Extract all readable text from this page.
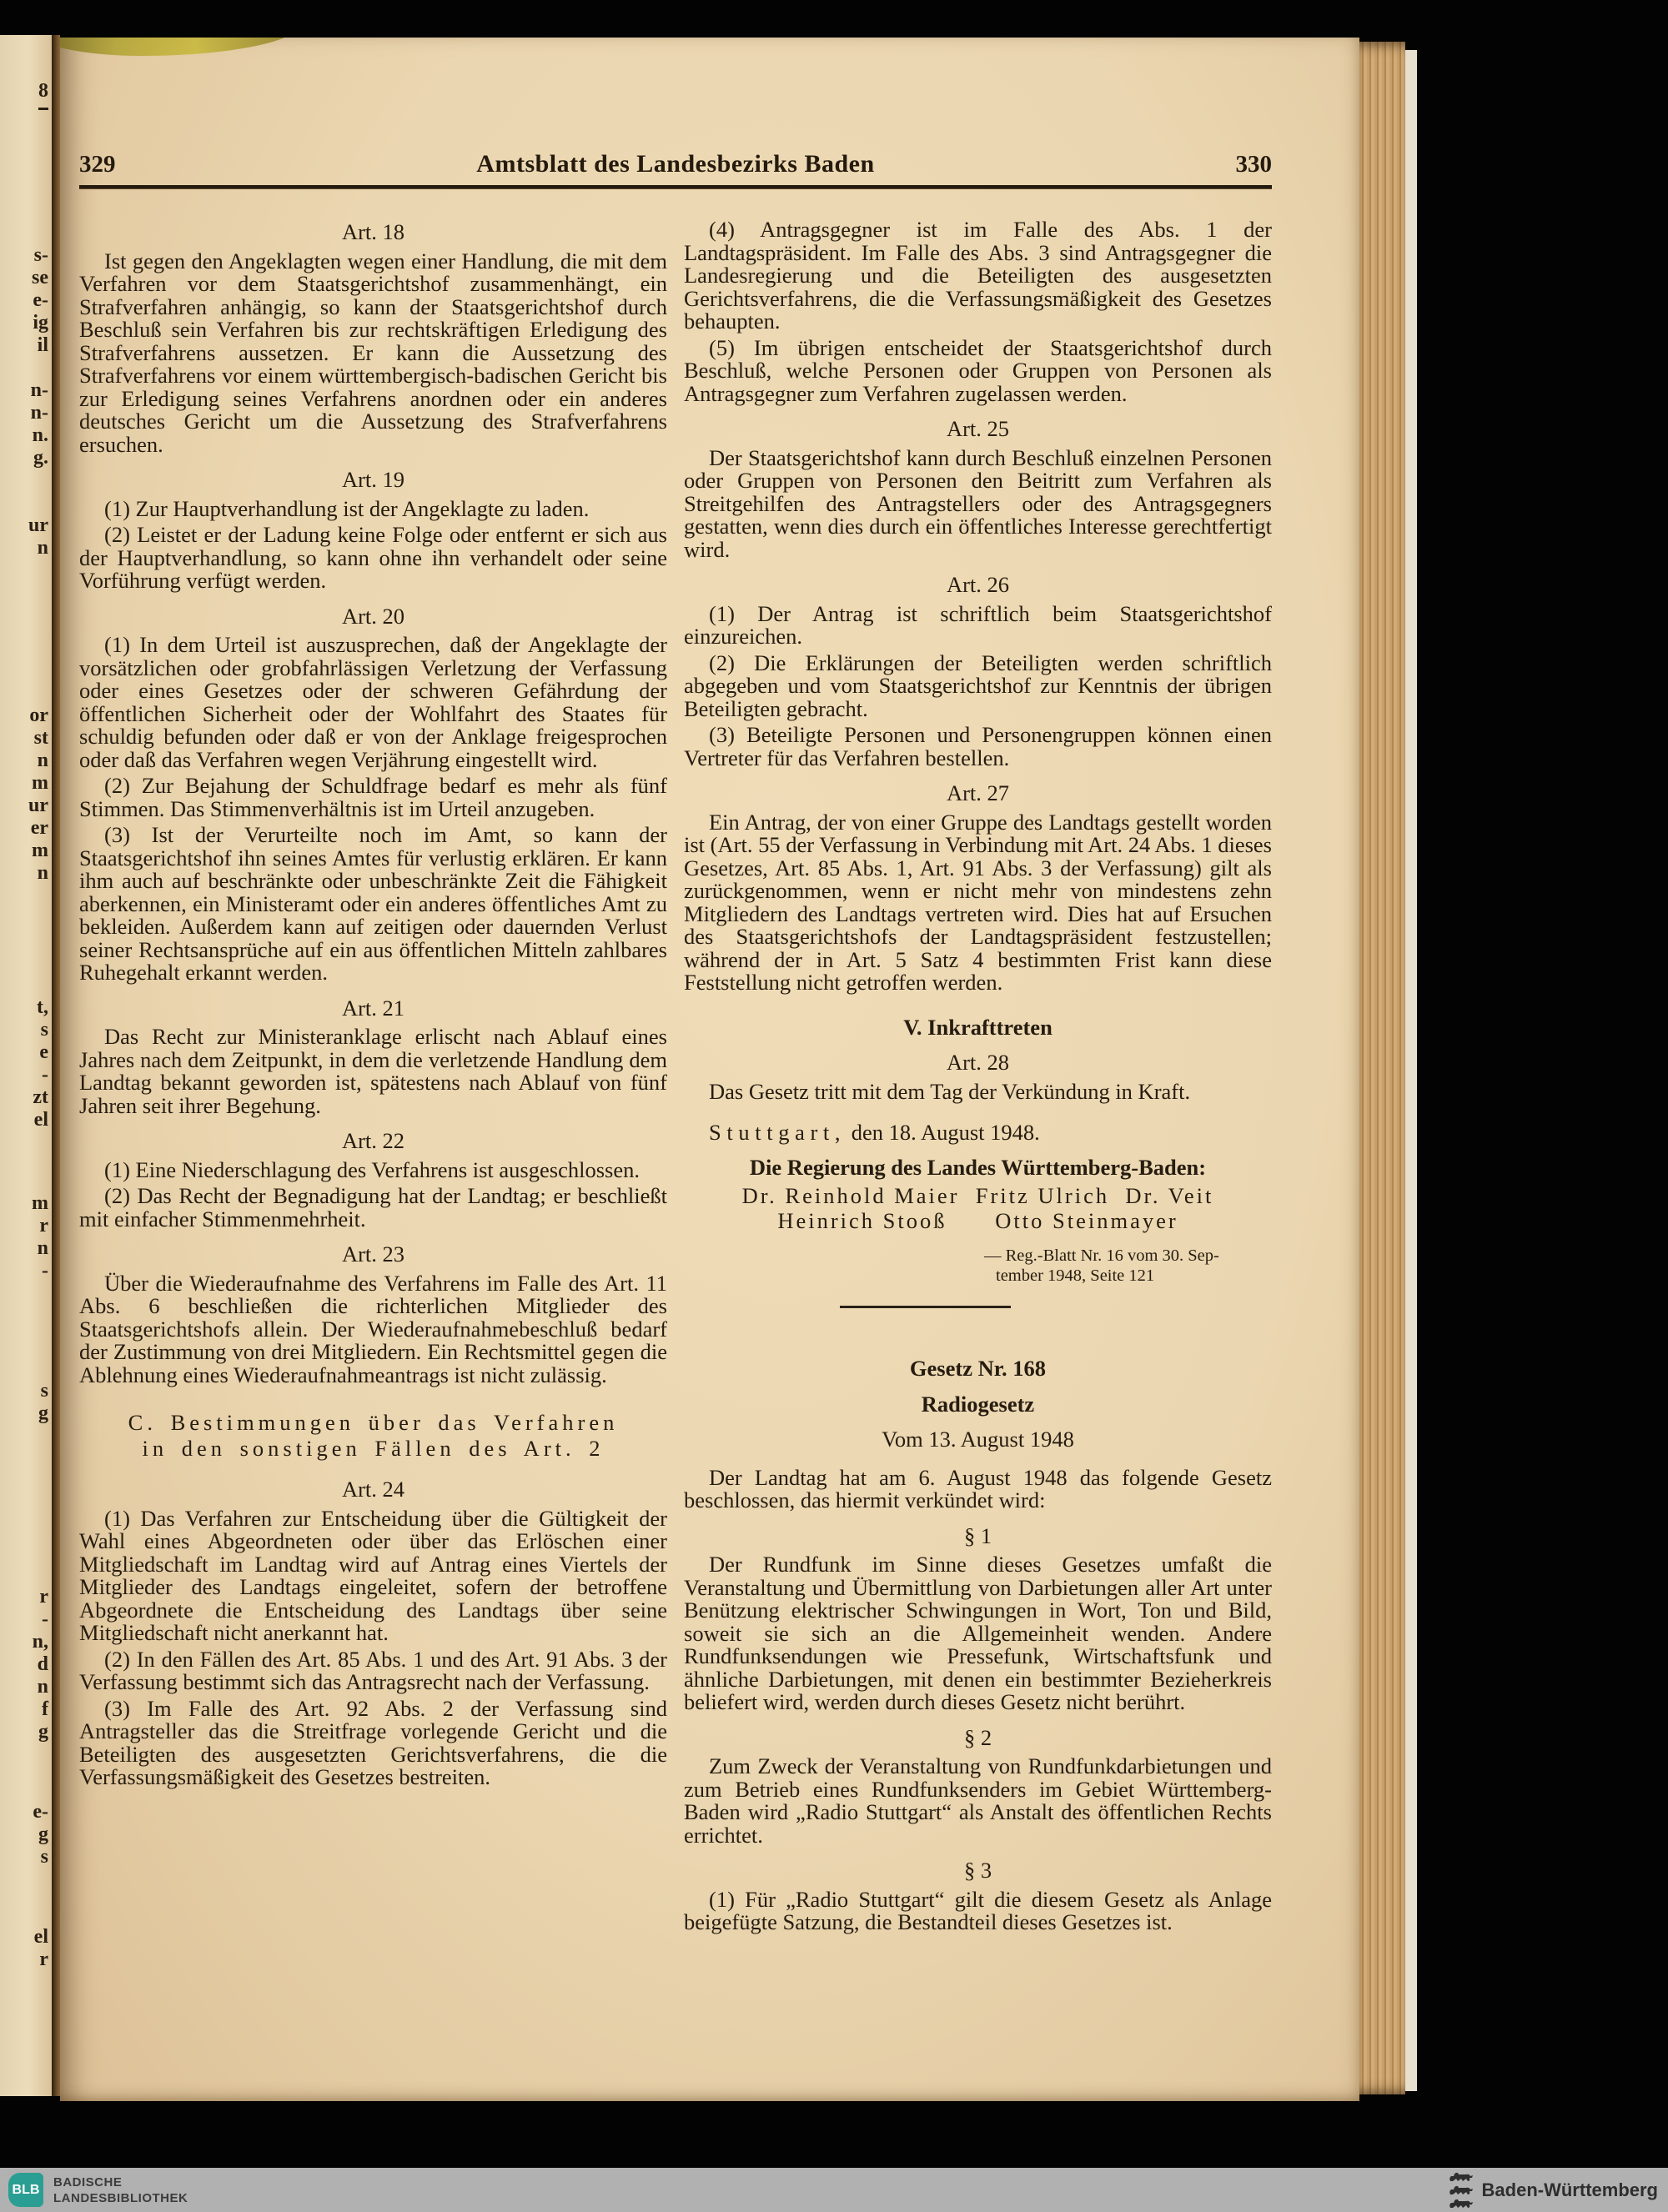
8
s-
se
e-
ig
il
n-
n-
n.
g.
ur
n
or
st
n
m
ur
er
m
n
t,
s
e
-
zt
el
m
r
n
-
s
g
r
-
n,
d
n
f
g
e-
g
s
el
r
329	Amtsblatt des Landesbezirks Baden	330
Art. 18
Ist gegen den Angeklagten wegen einer Handlung, die mit dem Verfahren vor dem Staatsgerichtshof zusammenhängt, ein Strafverfahren anhängig, so kann der Staatsgerichtshof durch Beschluß sein Verfahren bis zur rechtskräftigen Erledigung des Strafverfahrens aussetzen. Er kann die Aussetzung des Strafverfahrens vor einem württembergisch-badischen Gericht bis zur Erledigung seines Verfahrens anordnen oder ein anderes deutsches Gericht um die Aussetzung des Strafverfahrens ersuchen.
Art. 19
(1) Zur Hauptverhandlung ist der Angeklagte zu laden.
(2) Leistet er der Ladung keine Folge oder entfernt er sich aus der Hauptverhandlung, so kann ohne ihn verhandelt oder seine Vorführung verfügt werden.
Art. 20
(1) In dem Urteil ist auszusprechen, daß der Angeklagte der vorsätzlichen oder grobfahrlässigen Verletzung der Verfassung oder eines Gesetzes oder der schweren Gefährdung der öffentlichen Sicherheit oder der Wohlfahrt des Staates für schuldig befunden oder daß er von der Anklage freigesprochen oder daß das Verfahren wegen Verjährung eingestellt wird.
(2) Zur Bejahung der Schuldfrage bedarf es mehr als fünf Stimmen. Das Stimmenverhältnis ist im Urteil anzugeben.
(3) Ist der Verurteilte noch im Amt, so kann der Staatsgerichtshof ihn seines Amtes für verlustig erklären. Er kann ihm auch auf beschränkte oder unbeschränkte Zeit die Fähigkeit aberkennen, ein Ministeramt oder ein anderes öffentliches Amt zu bekleiden. Außerdem kann auf zeitigen oder dauernden Verlust seiner Rechtsansprüche auf ein aus öffentlichen Mitteln zahlbares Ruhegehalt erkannt werden.
Art. 21
Das Recht zur Ministeranklage erlischt nach Ablauf eines Jahres nach dem Zeitpunkt, in dem die verletzende Handlung dem Landtag bekannt geworden ist, spätestens nach Ablauf von fünf Jahren seit ihrer Begehung.
Art. 22
(1) Eine Niederschlagung des Verfahrens ist ausgeschlossen.
(2) Das Recht der Begnadigung hat der Landtag; er beschließt mit einfacher Stimmenmehrheit.
Art. 23
Über die Wiederaufnahme des Verfahrens im Falle des Art. 11 Abs. 6 beschließen die richterlichen Mitglieder des Staatsgerichtshofs allein. Der Wiederaufnahmebeschluß bedarf der Zustimmung von drei Mitgliedern. Ein Rechtsmittel gegen die Ablehnung eines Wiederaufnahmeantrags ist nicht zulässig.
C. Bestimmungen über das Verfahren
in den sonstigen Fällen des Art. 2
Art. 24
(1) Das Verfahren zur Entscheidung über die Gültigkeit der Wahl eines Abgeordneten oder über das Erlöschen einer Mitgliedschaft im Landtag wird auf Antrag eines Viertels der Mitglieder des Landtags eingeleitet, sofern der betroffene Abgeordnete die Entscheidung des Landtags über seine Mitgliedschaft nicht anerkannt hat.
(2) In den Fällen des Art. 85 Abs. 1 und des Art. 91 Abs. 3 der Verfassung bestimmt sich das Antragsrecht nach der Verfassung.
(3) Im Falle des Art. 92 Abs. 2 der Verfassung sind Antragsteller das die Streitfrage vorlegende Gericht und die Beteiligten des ausgesetzten Gerichtsverfahrens, die die Verfassungsmäßigkeit des Gesetzes bestreiten.
(4) Antragsgegner ist im Falle des Abs. 1 der Landtagspräsident. Im Falle des Abs. 3 sind Antragsgegner die Landesregierung und die Beteiligten des ausgesetzten Gerichtsverfahrens, die die Verfassungsmäßigkeit des Gesetzes behaupten.
(5) Im übrigen entscheidet der Staatsgerichtshof durch Beschluß, welche Personen oder Gruppen von Personen als Antragsgegner zum Verfahren zugelassen werden.
Art. 25
Der Staatsgerichtshof kann durch Beschluß einzelnen Personen oder Gruppen von Personen den Beitritt zum Verfahren als Streitgehilfen des Antragstellers oder des Antragsgegners gestatten, wenn dies durch ein öffentliches Interesse gerechtfertigt wird.
Art. 26
(1) Der Antrag ist schriftlich beim Staatsgerichtshof einzureichen.
(2) Die Erklärungen der Beteiligten werden schriftlich abgegeben und vom Staatsgerichtshof zur Kenntnis der übrigen Beteiligten gebracht.
(3) Beteiligte Personen und Personengruppen können einen Vertreter für das Verfahren bestellen.
Art. 27
Ein Antrag, der von einer Gruppe des Landtags gestellt worden ist (Art. 55 der Verfassung in Verbindung mit Art. 24 Abs. 1 dieses Gesetzes, Art. 85 Abs. 1, Art. 91 Abs. 3 der Verfassung) gilt als zurückgenommen, wenn er nicht mehr von mindestens zehn Mitgliedern des Landtags vertreten wird. Dies hat auf Ersuchen des Staatsgerichtshofs der Landtagspräsident festzustellen; während der in Art. 5 Satz 4 bestimmten Frist kann diese Feststellung nicht getroffen werden.
V. Inkrafttreten
Art. 28
Das Gesetz tritt mit dem Tag der Verkündung in Kraft.
S t u t t g a r t ,  den 18. August 1948.
Die Regierung des Landes Württemberg-Baden:
Dr. Reinhold Maier  Fritz Ulrich  Dr. Veit
Heinrich Stooß      Otto Steinmayer
— Reg.-Blatt Nr. 16 vom 30. Sep-
tember 1948, Seite 121
Gesetz Nr. 168
Radiogesetz
Vom 13. August 1948
Der Landtag hat am 6. August 1948 das folgende Gesetz beschlossen, das hiermit verkündet wird:
§ 1
Der Rundfunk im Sinne dieses Gesetzes umfaßt die Veranstaltung und Übermittlung von Darbietungen aller Art unter Benützung elektrischer Schwingungen in Wort, Ton und Bild, soweit sie sich an die Allgemeinheit wenden. Andere Rundfunksendungen wie Pressefunk, Wirtschaftsfunk und ähnliche Darbietungen, mit denen ein bestimmter Bezieherkreis beliefert wird, werden durch dieses Gesetz nicht berührt.
§ 2
Zum Zweck der Veranstaltung von Rundfunkdarbietungen und zum Betrieb eines Rundfunksenders im Gebiet Württemberg-Baden wird „Radio Stuttgart“ als Anstalt des öffentlichen Rechts errichtet.
§ 3
(1) Für „Radio Stuttgart“ gilt die diesem Gesetz als Anlage beigefügte Satzung, die Bestandteil dieses Gesetzes ist.
BLB BADISCHE
LANDESBIBLIOTHEK	Baden-Württemberg
